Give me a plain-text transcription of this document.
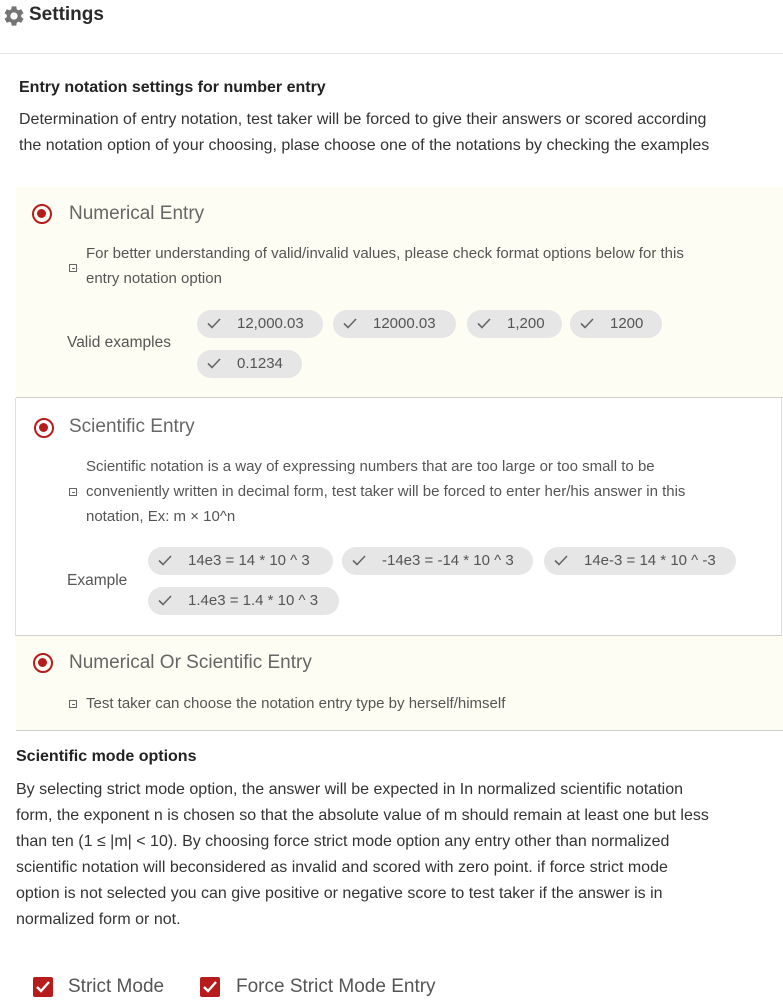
Settings
Entry notation settings for number entry
Determination of entry notation, test taker will be forced to give their answers or scored according
the notation option of your choosing, plase choose one of the notations by checking the examples
Numerical Entry
For better understanding of valid/invalid values, please check format options below for this
entry notation option
Valid examples
12,000.03	12000.03	1,200	1200
0.1234
Scientific Entry
Scientific notation is a way of expressing numbers that are too large or too small to be
conveniently written in decimal form, test taker will be forced to enter her/his answer in this
notation, Ex: m × 10^n
Example
14e3 = 14 * 10 ^ 3	-14e3 = -14 * 10 ^ 3	14e-3 = 14 * 10 ^ -3
1.4e3 = 1.4 * 10 ^ 3
Numerical Or Scientific Entry
Test taker can choose the notation entry type by herself/himself
Scientific mode options
By selecting strict mode option, the answer will be expected in In normalized scientific notation
form, the exponent n is chosen so that the absolute value of m should remain at least one but less
than ten (1 ≤ |m| < 10). By choosing force strict mode option any entry other than normalized
scientific notation will beconsidered as invalid and scored with zero point. if force strict mode
option is not selected you can give positive or negative score to test taker if the answer is in
normalized form or not.
Strict Mode	Force Strict Mode Entry
